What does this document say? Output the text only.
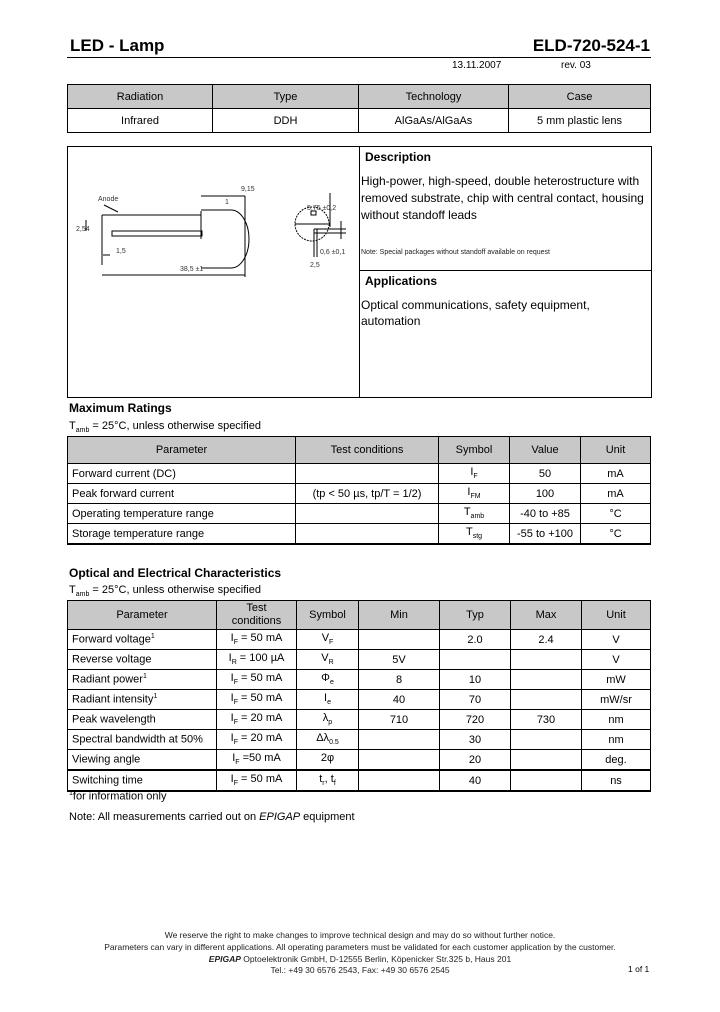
LED - Lamp	ELD-720-524-1
13.11.2007	rev. 03
Radiation	Type	Technology	Case
Infrared	DDH	AlGaAs/AlGaAs	5 mm plastic lens
Anode
2,54
1,5
38,5 ±1
9,15
1
5,75 ±0,2
0,6 ±0,1
2,5
Description
High-power, high-speed, double heterostructure with removed substrate, chip with central contact, housing without standoff leads
Note: Special packages without standoff available on request
Applications
Optical communications, safety equipment, automation
Maximum Ratings
$T_{amb} = 25^\circ C$, unless otherwise specified
Parameter	Test conditions	Symbol	Value	Unit
Forward current (DC)		$I_F$	50	mA
Peak forward current	(tp < 50 µs, tp/T = 1/2)	$I_{FM}$	100	mA
Operating temperature range		$T_{amb}$	-40 to +85	°C
Storage temperature range		$T_{stg}$	-55 to +100	°C
Optical and Electrical Characteristics
$T_{amb} = 25^\circ C$, unless otherwise specified
Parameter	Test conditions	Symbol	Min	Typ	Max	Unit
Forward voltage$^1$	$I_F = 50$ mA	$V_F$		2.0	2.4	V
Reverse voltage	$I_R = 100$ µA	$V_R$	5V			V
Radiant power$^1$	$I_F = 50$ mA	$\Phi_e$	8	10		mW
Radiant intensity$^1$	$I_F = 50$ mA	$I_e$	40	70		mW/sr
Peak wavelength	$I_F = 20$ mA	$\lambda_p$	710	720	730	nm
Spectral bandwidth at 50%	$I_F = 20$ mA	$\Delta\lambda_{0.5}$		30		nm
Viewing angle	$I_F =50$ mA	2φ		20		deg.
Switching time	$I_F = 50$ mA	$t_r$, $t_f$		40		ns
$^1$for information only
Note: All measurements carried out on EPIGAP equipment
We reserve the right to make changes to improve technical design and may do so without further notice.
Parameters can vary in different applications. All operating parameters must be validated for each customer application by the customer.
EPIGAP Optoelektronik GmbH, D-12555 Berlin, Köpenicker Str.325 b, Haus 201
Tel.: +49 30 6576 2543, Fax: +49 30 6576 2545	1 of 1
